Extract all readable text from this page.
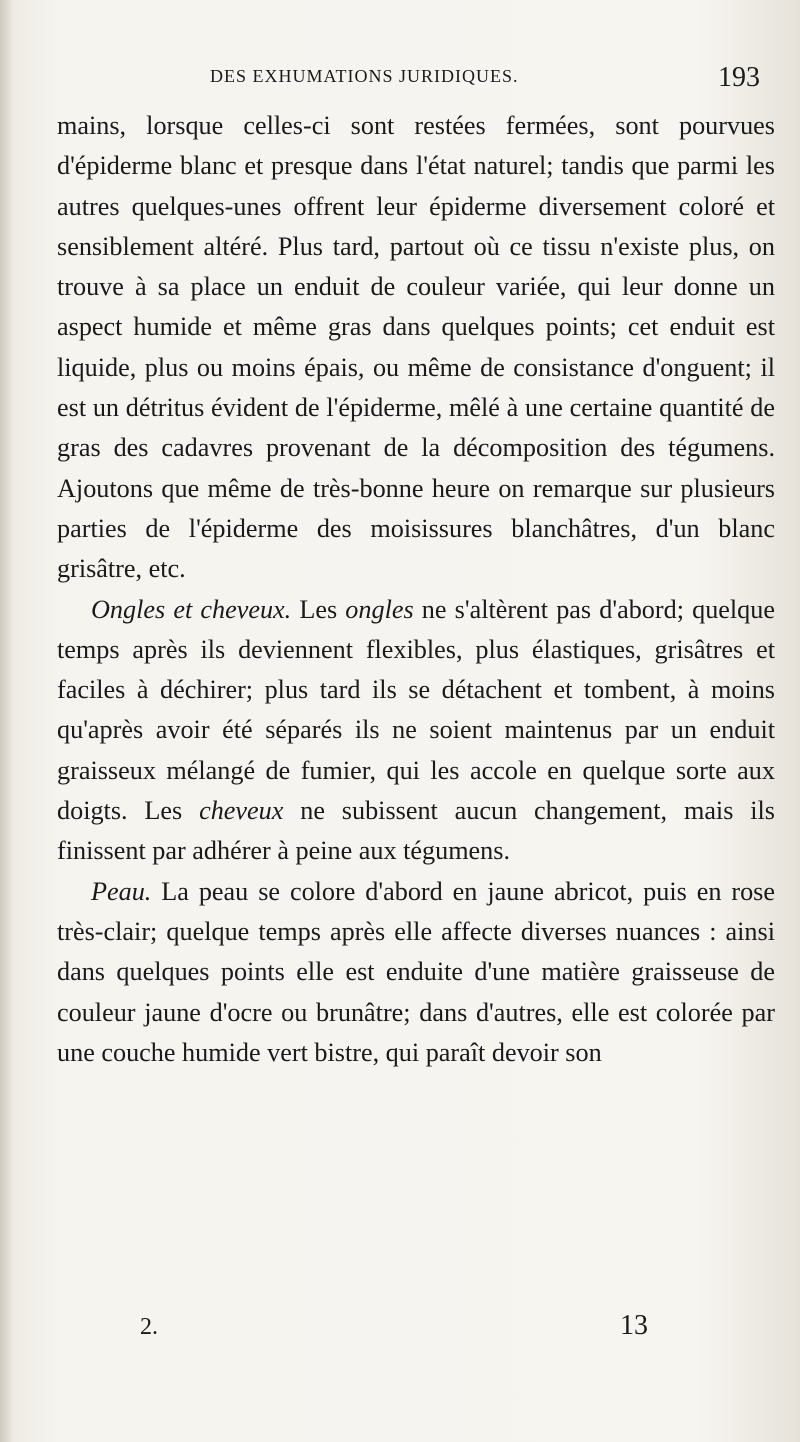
DES EXHUMATIONS JURIDIQUES.	193

mains, lorsque celles-ci sont restées fermées, sont pourvues d'épiderme blanc et presque dans l'état naturel; tandis que parmi les autres quelques-unes offrent leur épiderme diversement coloré et sensiblement altéré. Plus tard, partout où ce tissu n'existe plus, on trouve à sa place un enduit de couleur variée, qui leur donne un aspect humide et même gras dans quelques points; cet enduit est liquide, plus ou moins épais, ou même de consistance d'onguent; il est un détritus évident de l'épiderme, mêlé à une certaine quantité de gras des cadavres provenant de la décomposition des tégumens. Ajoutons que même de très-bonne heure on remarque sur plusieurs parties de l'épiderme des moisissures blanchâtres, d'un blanc grisâtre, etc.

Ongles et cheveux. Les ongles ne s'altèrent pas d'abord; quelque temps après ils deviennent flexibles, plus élastiques, grisâtres et faciles à déchirer; plus tard ils se détachent et tombent, à moins qu'après avoir été séparés ils ne soient maintenus par un enduit graisseux mélangé de fumier, qui les accole en quelque sorte aux doigts. Les cheveux ne subissent aucun changement, mais ils finissent par adhérer à peine aux tégumens.

Peau. La peau se colore d'abord en jaune abricot, puis en rose très-clair; quelque temps après elle affecte diverses nuances : ainsi dans quelques points elle est enduite d'une matière graisseuse de couleur jaune d'ocre ou brunâtre; dans d'autres, elle est colorée par une couche humide vert bistre, qui paraît devoir son

2.	13
